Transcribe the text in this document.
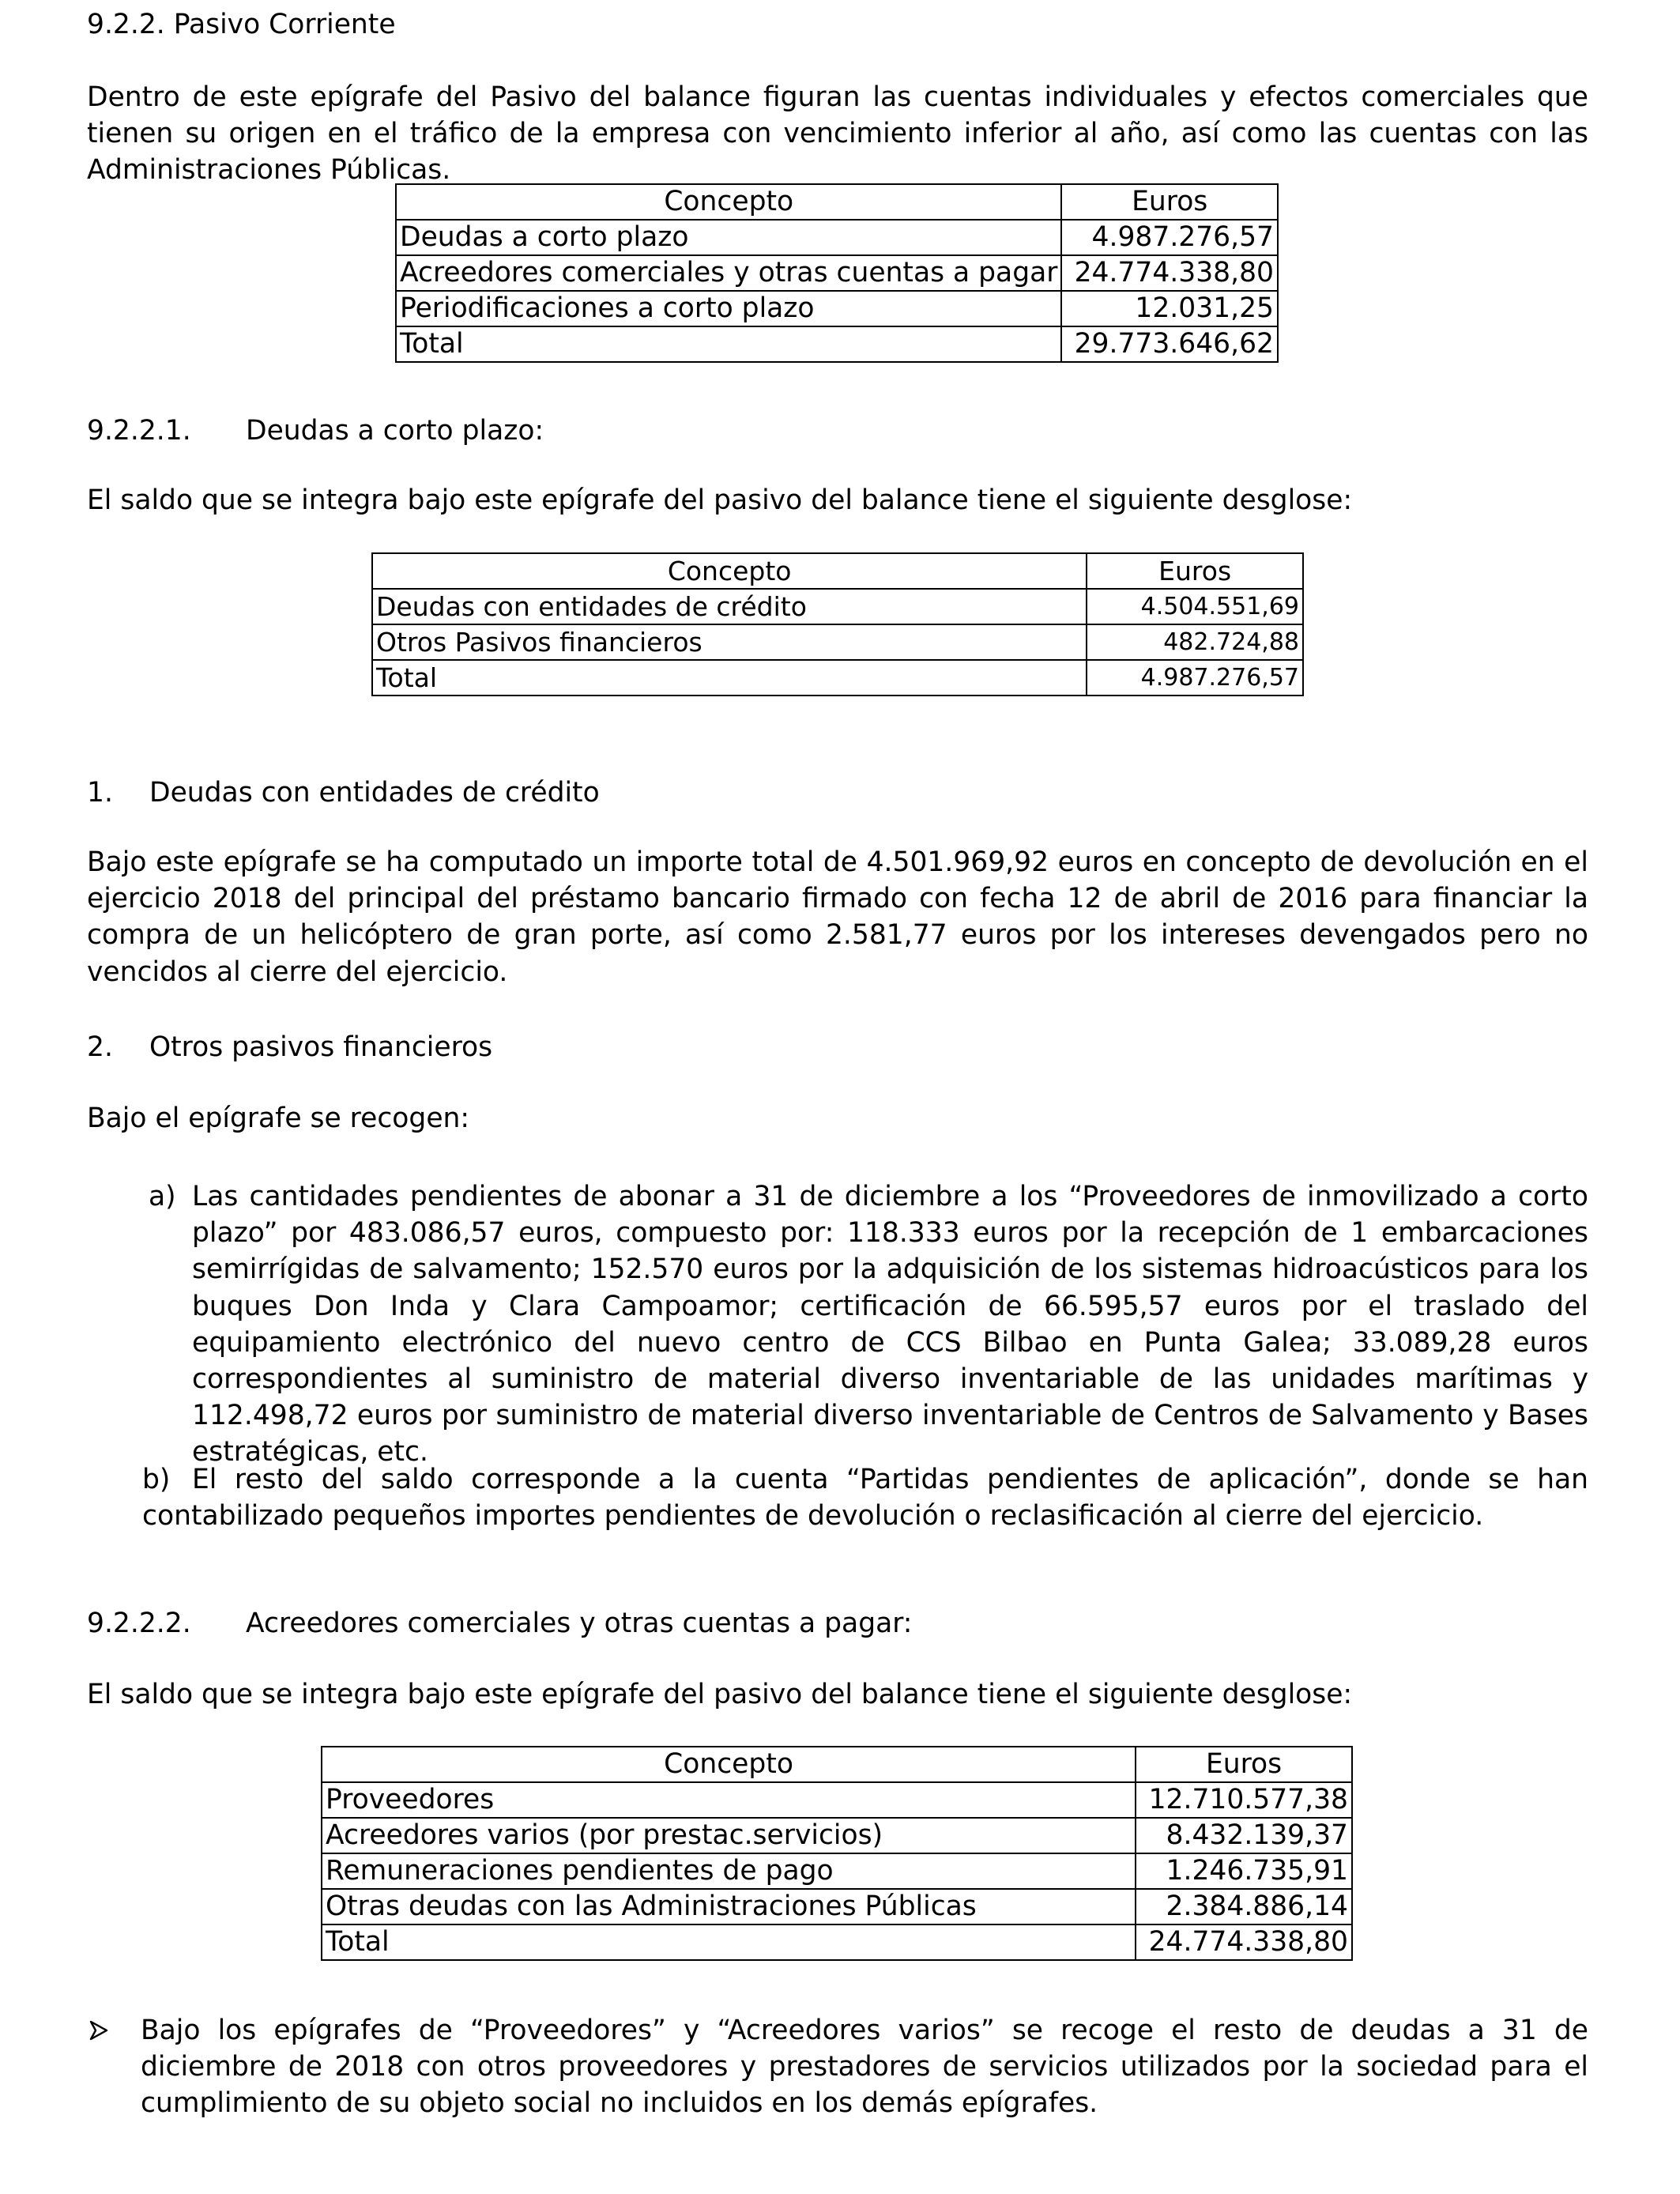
9.2.2. Pasivo Corriente
Dentro de este epígrafe del Pasivo del balance figuran las cuentas individuales y efectos comerciales que tienen su origen en el tráfico de la empresa con vencimiento inferior al año, así como las cuentas con las Administraciones Públicas.
Concepto	Euros
Deudas a corto plazo	4.987.276,57
Acreedores comerciales y otras cuentas a pagar	24.774.338,80
Periodificaciones a corto plazo	12.031,25
Total	29.773.646,62
9.2.2.1. Deudas a corto plazo:
El saldo que se integra bajo este epígrafe del pasivo del balance tiene el siguiente desglose:
Concepto	Euros
Deudas con entidades de crédito	4.504.551,69
Otros Pasivos financieros	482.724,88
Total	4.987.276,57
1. Deudas con entidades de crédito
Bajo este epígrafe se ha computado un importe total de 4.501.969,92 euros en concepto de devolución en el ejercicio 2018 del principal del préstamo bancario firmado con fecha 12 de abril de 2016 para financiar la compra de un helicóptero de gran porte, así como 2.581,77 euros por los intereses devengados pero no vencidos al cierre del ejercicio.
2. Otros pasivos financieros
Bajo el epígrafe se recogen:
a) Las cantidades pendientes de abonar a 31 de diciembre a los “Proveedores de inmovilizado a corto plazo” por 483.086,57 euros, compuesto por: 118.333 euros por la recepción de 1 embarcaciones semirrígidas de salvamento; 152.570 euros por la adquisición de los sistemas hidroacústicos para los buques Don Inda y Clara Campoamor; certificación de 66.595,57 euros por el traslado del equipamiento electrónico del nuevo centro de CCS Bilbao en Punta Galea; 33.089,28 euros correspondientes al suministro de material diverso inventariable de las unidades marítimas y 112.498,72 euros por suministro de material diverso inventariable de Centros de Salvamento y Bases estratégicas, etc.
b) El resto del saldo corresponde a la cuenta “Partidas pendientes de aplicación”, donde se han contabilizado pequeños importes pendientes de devolución o reclasificación al cierre del ejercicio.
9.2.2.2. Acreedores comerciales y otras cuentas a pagar:
El saldo que se integra bajo este epígrafe del pasivo del balance tiene el siguiente desglose:
Concepto	Euros
Proveedores	12.710.577,38
Acreedores varios (por prestac.servicios)	8.432.139,37
Remuneraciones pendientes de pago	1.246.735,91
Otras deudas con las Administraciones Públicas	2.384.886,14
Total	24.774.338,80
Bajo los epígrafes de “Proveedores” y “Acreedores varios” se recoge el resto de deudas a 31 de diciembre de 2018 con otros proveedores y prestadores de servicios utilizados por la sociedad para el cumplimiento de su objeto social no incluidos en los demás epígrafes.
